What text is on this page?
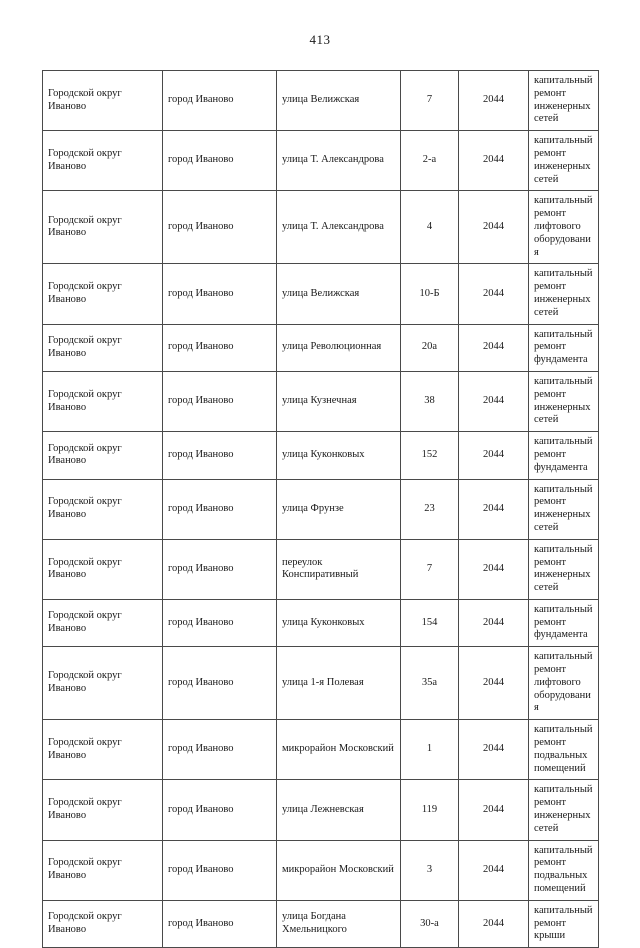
413
Городской округ Иваново	город Иваново	улица Велижская	7	2044	капитальный ремонт инженерных сетей
Городской округ Иваново	город Иваново	улица Т. Александрова	2-а	2044	капитальный ремонт инженерных сетей
Городской округ Иваново	город Иваново	улица Т. Александрова	4	2044	капитальный ремонт лифтового оборудования
Городской округ Иваново	город Иваново	улица Велижская	10-Б	2044	капитальный ремонт инженерных сетей
Городской округ Иваново	город Иваново	улица Революционная	20а	2044	капитальный ремонт фундамента
Городской округ Иваново	город Иваново	улица Кузнечная	38	2044	капитальный ремонт инженерных сетей
Городской округ Иваново	город Иваново	улица Куконковых	152	2044	капитальный ремонт фундамента
Городской округ Иваново	город Иваново	улица Фрунзе	23	2044	капитальный ремонт инженерных сетей
Городской округ Иваново	город Иваново	переулок Конспиративный	7	2044	капитальный ремонт инженерных сетей
Городской округ Иваново	город Иваново	улица Куконковых	154	2044	капитальный ремонт фундамента
Городской округ Иваново	город Иваново	улица 1-я Полевая	35а	2044	капитальный ремонт лифтового оборудования
Городской округ Иваново	город Иваново	микрорайон Московский	1	2044	капитальный ремонт подвальных помещений
Городской округ Иваново	город Иваново	улица Лежневская	119	2044	капитальный ремонт инженерных сетей
Городской округ Иваново	город Иваново	микрорайон Московский	3	2044	капитальный ремонт подвальных помещений
Городской округ Иваново	город Иваново	улица Богдана Хмельницкого	30-а	2044	капитальный ремонт крыши
